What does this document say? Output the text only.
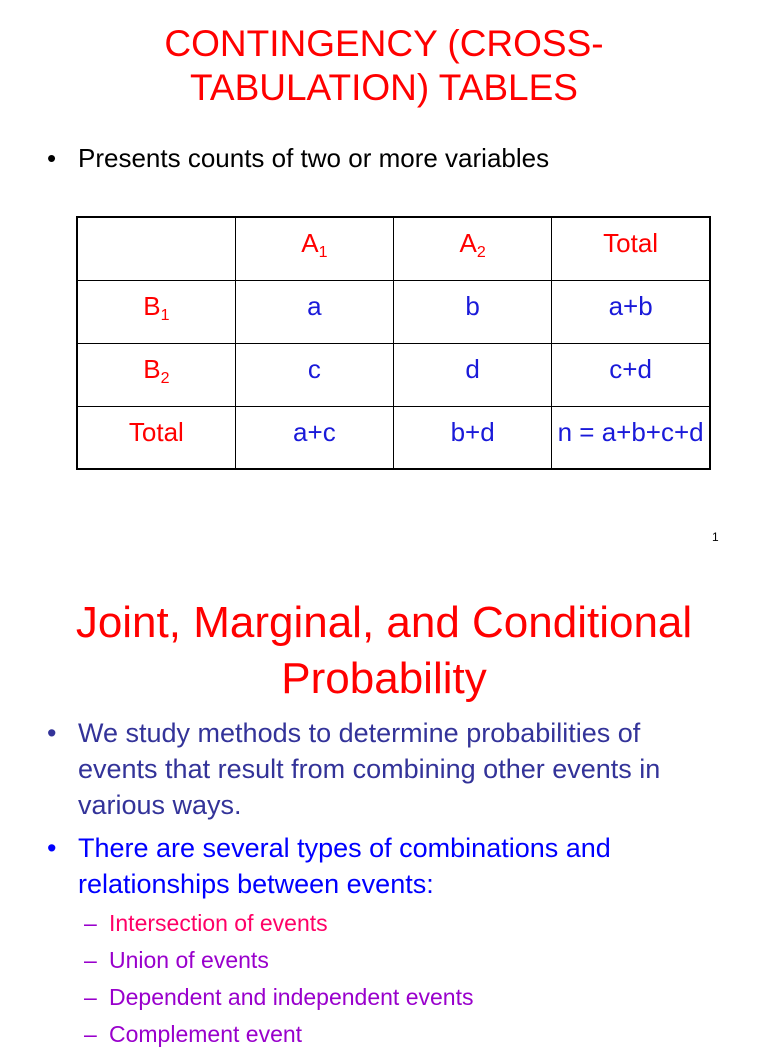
CONTINGENCY (CROSS-
TABULATION) TABLES
• Presents counts of two or more variables
	$A_1$	$A_2$	Total
$B_1$	a	b	a+b
$B_2$	c	d	c+d
Total	a+c	b+d	n = a+b+c+d
1
Joint, Marginal, and Conditional
Probability
• We study methods to determine probabilities of
events that result from combining other events in
various ways.
• There are several types of combinations and
relationships between events:
– Intersection of events
– Union of events
– Dependent and independent events
– Complement event
